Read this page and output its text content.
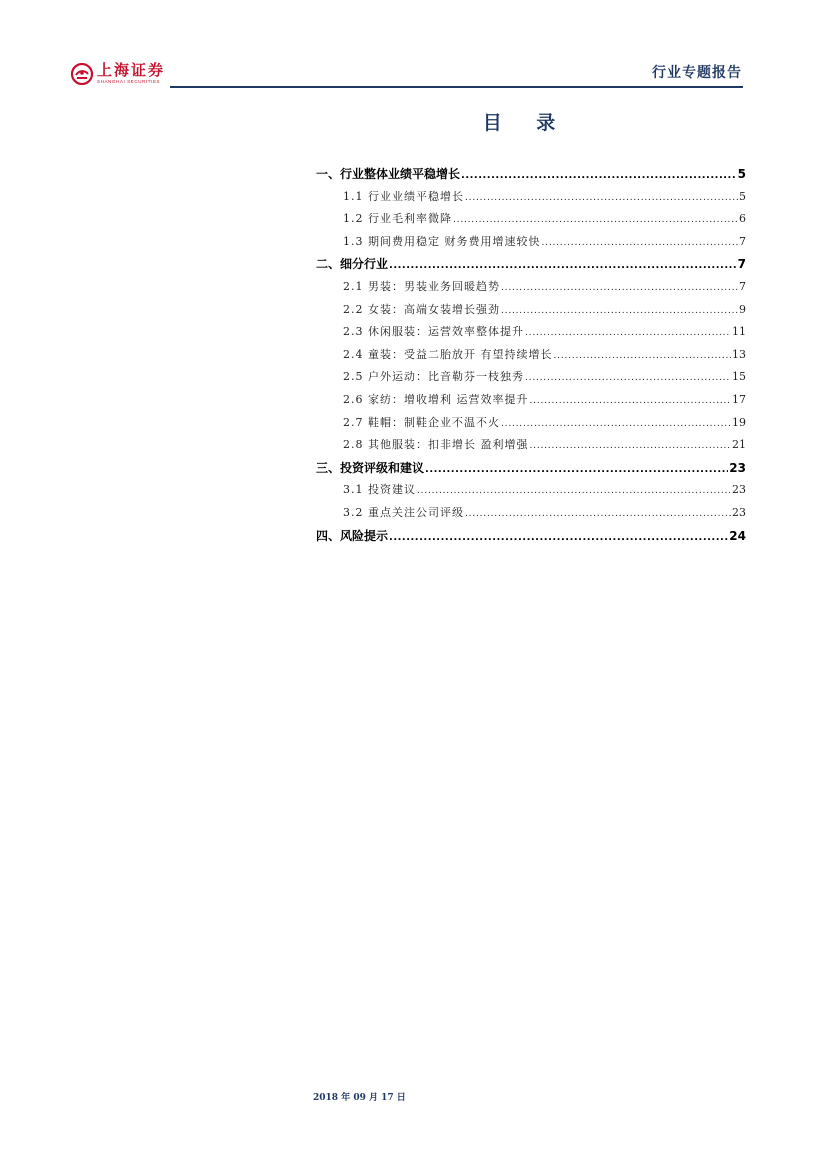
上海证券
SHANGHAI SECURITIES
行业专题报告
目 录
一、行业整体业绩平稳增长 .....	5
1.1 行业业绩平稳增长 .....	5
1.2 行业毛利率微降 .....	6
1.3 期间费用稳定 财务费用增速较快 .....	7
二、细分行业 .....	7
2.1 男装：男装业务回暖趋势 .....	7
2.2 女装：高端女装增长强劲 .....	9
2.3 休闲服装：运营效率整体提升 .....	11
2.4 童装：受益二胎放开 有望持续增长 .....	13
2.5 户外运动：比音勒芬一枝独秀 .....	15
2.6 家纺：增收增利 运营效率提升 .....	17
2.7 鞋帽：制鞋企业不温不火 .....	19
2.8 其他服装：扣非增长 盈利增强 .....	21
三、投资评级和建议 .....	23
3.1 投资建议 .....	23
3.2 重点关注公司评级 .....	23
四、风险提示 .....	24
2018 年 09 月 17 日
